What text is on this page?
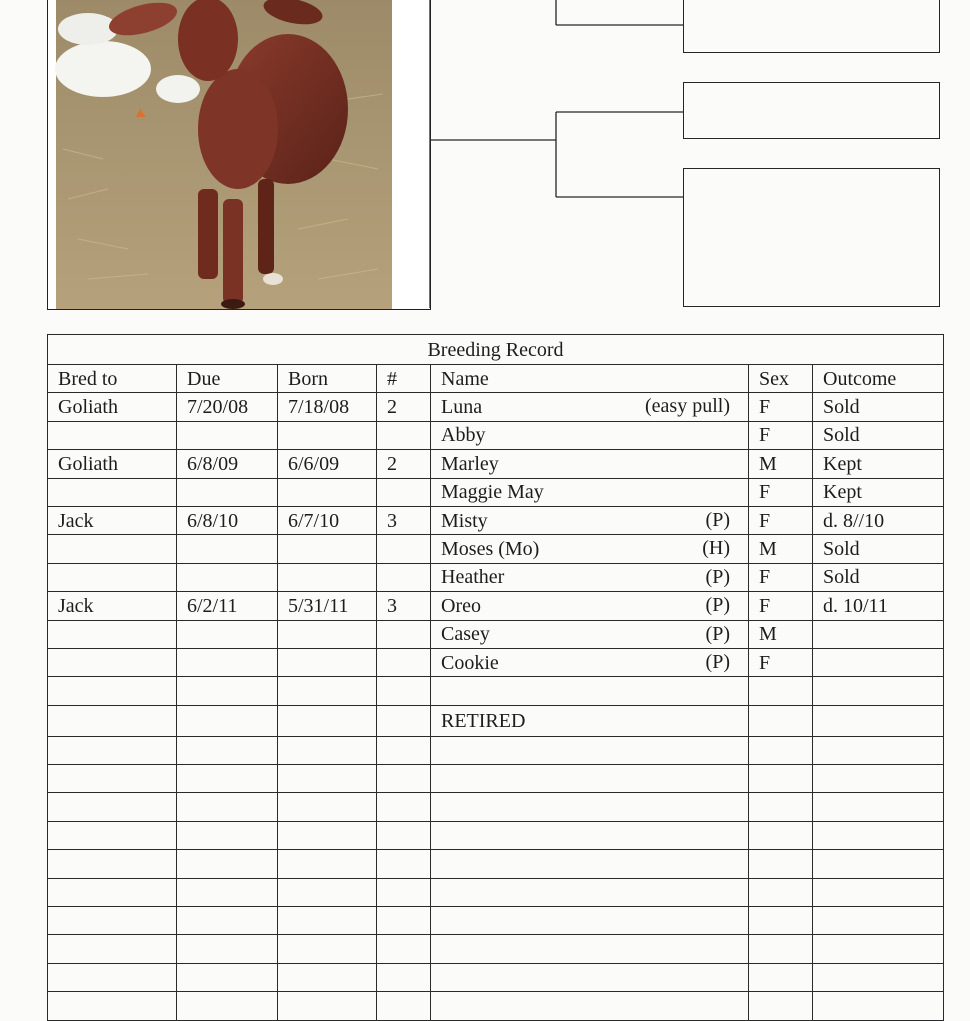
Breeding Record						
Bred to	Due	Born	#	Name	Sex	Outcome
Goliath	7/20/08	7/18/08	2	Luna (easy pull)	F	Sold
				Abby	F	Sold
Goliath	6/8/09	6/6/09	2	Marley	M	Kept
				Maggie May	F	Kept
Jack	6/8/10	6/7/10	3	Misty (P)	F	d. 8//10
				Moses (Mo) (H)	M	Sold
				Heather (P)	F	Sold
Jack	6/2/11	5/31/11	3	Oreo (P)	F	d. 10/11
				Casey (P)	M	
				Cookie (P)	F	

				RETIRED
